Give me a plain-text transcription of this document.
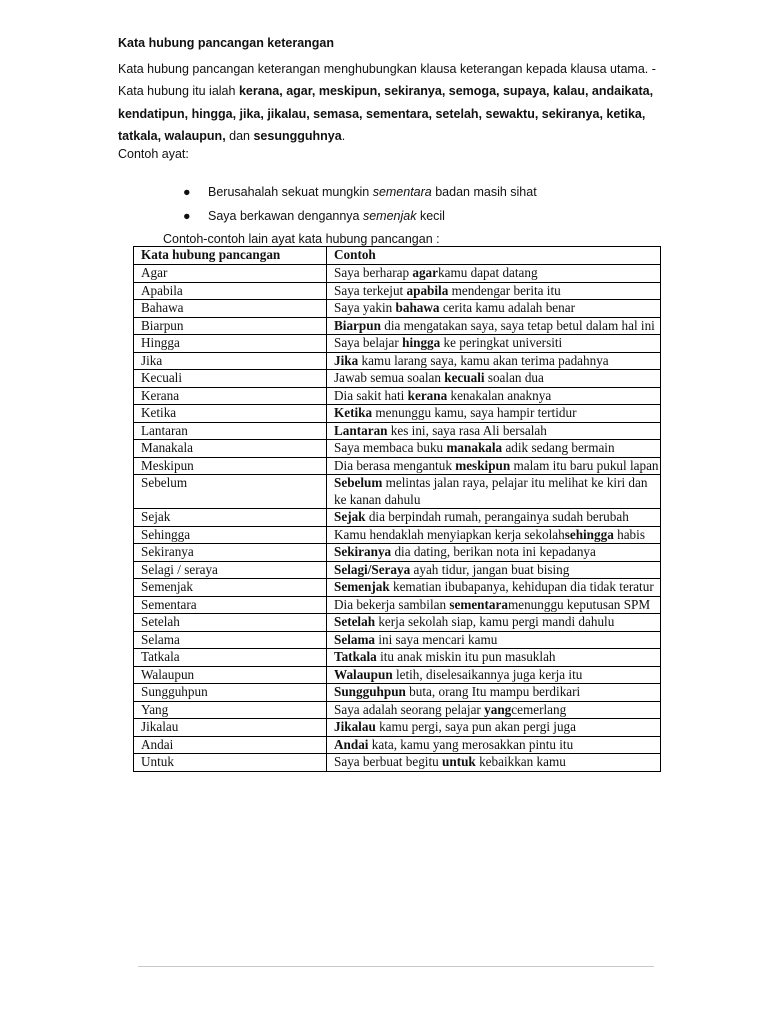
Kata hubung pancangan keterangan
Kata hubung pancangan keterangan menghubungkan klausa keterangan kepada klausa utama. -Kata hubung itu ialah kerana, agar, meskipun, sekiranya, semoga, supaya, kalau, andaikata, kendatipun, hingga, jika, jikalau, semasa, sementara, setelah, sewaktu, sekiranya, ketika, tatkala, walaupun, dan sesungguhnya.
Contoh ayat:
● Berusahalah sekuat mungkin sementara badan masih sihat
● Saya berkawan dengannya semenjak kecil
Contoh-contoh lain ayat kata hubung pancangan :
Kata hubung pancangan	Contoh
Agar	Saya berharap agarkamu dapat datang
Apabila	Saya terkejut apabila mendengar berita itu
Bahawa	Saya yakin bahawa cerita kamu adalah benar
Biarpun	Biarpun dia mengatakan saya, saya tetap betul dalam hal ini
Hingga	Saya belajar hingga ke peringkat universiti
Jika	Jika kamu larang saya, kamu akan terima padahnya
Kecuali	Jawab semua soalan kecuali soalan dua
Kerana	Dia sakit hati kerana kenakalan anaknya
Ketika	Ketika menunggu kamu, saya hampir tertidur
Lantaran	Lantaran kes ini, saya rasa Ali bersalah
Manakala	Saya membaca buku manakala adik sedang bermain
Meskipun	Dia berasa mengantuk meskipun malam itu baru pukul lapan
Sebelum	Sebelum melintas jalan raya, pelajar itu melihat ke kiri dan ke kanan dahulu
Sejak	Sejak dia berpindah rumah, perangainya sudah berubah
Sehingga	Kamu hendaklah menyiapkan kerja sekolahsehingga habis
Sekiranya	Sekiranya dia dating, berikan nota ini kepadanya
Selagi / seraya	Selagi/Seraya ayah tidur, jangan buat bising
Semenjak	Semenjak kematian ibubapanya, kehidupan dia tidak teratur
Sementara	Dia bekerja sambilan sementaramenunggu keputusan SPM
Setelah	Setelah kerja sekolah siap, kamu pergi mandi dahulu
Selama	Selama ini saya mencari kamu
Tatkala	Tatkala itu anak miskin itu pun masuklah
Walaupun	Walaupun letih, diselesaikannya juga kerja itu
Sungguhpun	Sungguhpun buta, orang Itu mampu berdikari
Yang	Saya adalah seorang pelajar yangcemerlang
Jikalau	Jikalau kamu pergi, saya pun akan pergi juga
Andai	Andai kata, kamu yang merosakkan pintu itu
Untuk	Saya berbuat begitu untuk kebaikkan kamu
